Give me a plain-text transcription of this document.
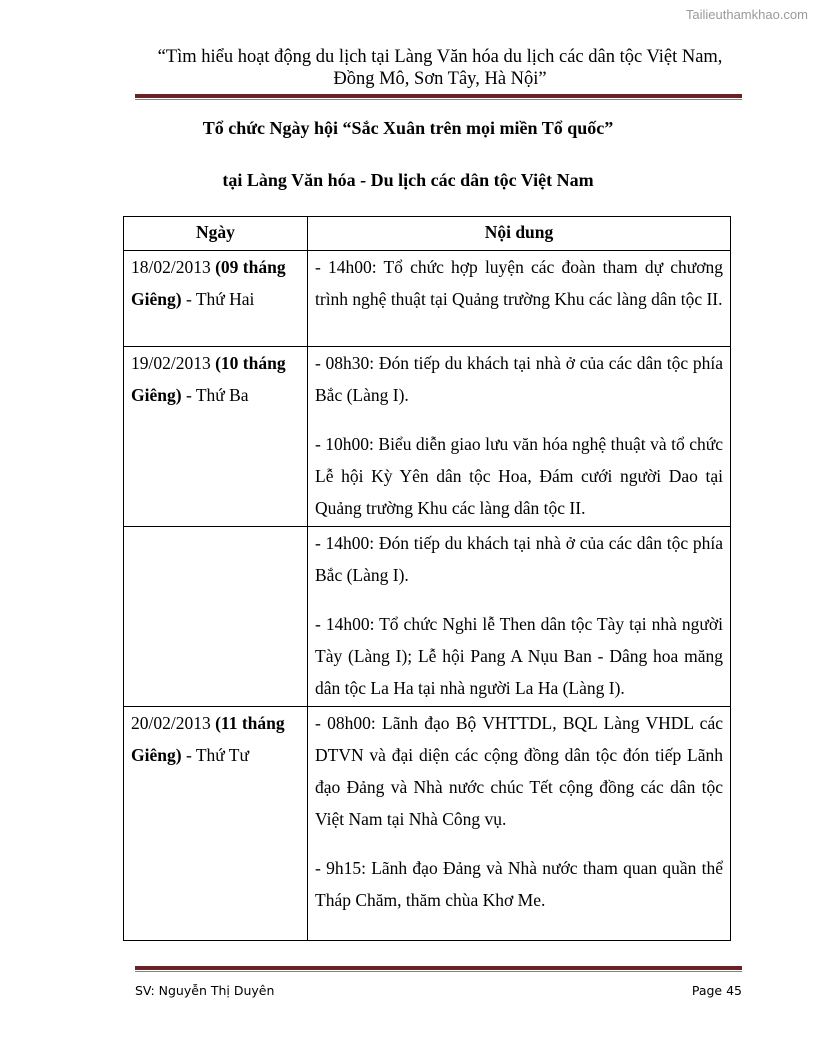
Tailieuthamkhao.com
“Tìm hiểu hoạt động du lịch tại Làng Văn hóa du lịch các dân tộc Việt Nam,
Đồng Mô, Sơn Tây, Hà Nội”
Tổ chức Ngày hội “Sắc Xuân trên mọi miền Tổ quốc”
tại Làng Văn hóa - Du lịch các dân tộc Việt Nam
Ngày	Nội dung
18/02/2013 (09 tháng Giêng) - Thứ Hai	- 14h00: Tổ chức hợp luyện các đoàn tham dự chương trình nghệ thuật tại Quảng trường Khu các làng dân tộc II.

19/02/2013 (10 tháng Giêng) - Thứ Ba	- 08h30: Đón tiếp du khách tại nhà ở của các dân tộc phía Bắc (Làng I).

- 10h00: Biểu diễn giao lưu văn hóa nghệ thuật và tổ chức Lễ hội Kỳ Yên dân tộc Hoa, Đám cưới người Dao tại Quảng trường Khu các làng dân tộc II.

	- 14h00: Đón tiếp du khách tại nhà ở của các dân tộc phía Bắc (Làng I).

- 14h00: Tổ chức Nghi lễ Then dân tộc Tày tại nhà người Tày (Làng I); Lễ hội Pang A Nụu Ban - Dâng hoa măng dân tộc La Ha tại nhà người La Ha (Làng I).

20/02/2013 (11 tháng Giêng) - Thứ Tư	- 08h00: Lãnh đạo Bộ VHTTDL, BQL Làng VHDL các DTVN và đại diện các cộng đồng dân tộc đón tiếp Lãnh đạo Đảng và Nhà nước chúc Tết cộng đồng các dân tộc Việt Nam tại Nhà Công vụ.

- 9h15: Lãnh đạo Đảng và Nhà nước tham quan quần thể Tháp Chăm, thăm chùa Khơ Me.

SV: Nguyễn Thị Duyên	Page 45
